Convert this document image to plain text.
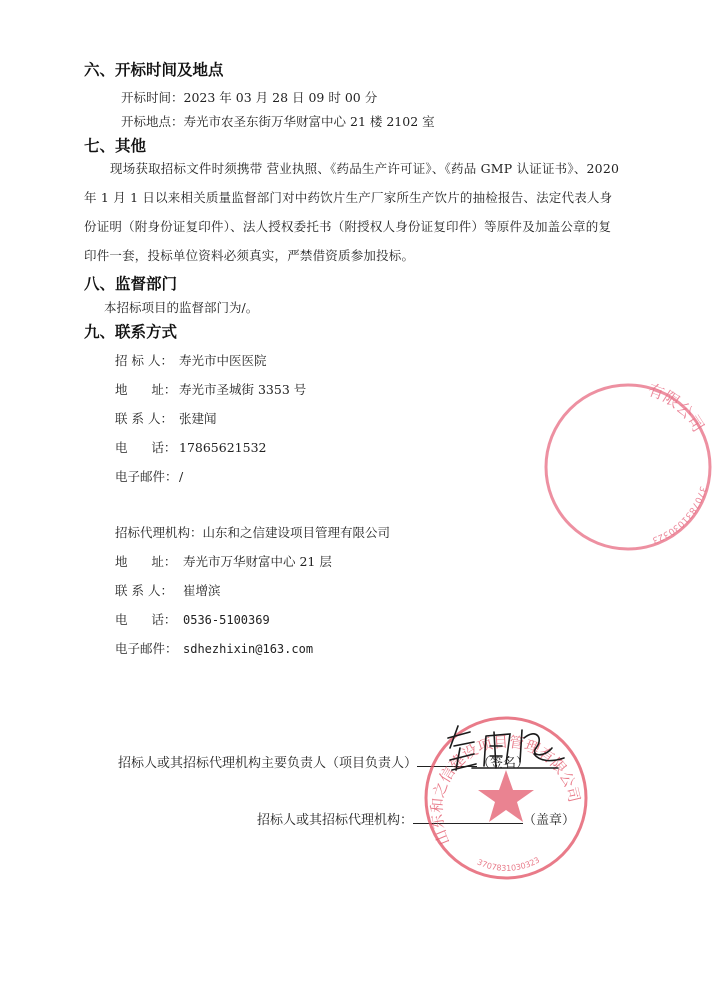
六、开标时间及地点
开标时间：2023 年 03 月 28 日 09 时 00 分
开标地点：寿光市农圣东街万华财富中心 21 楼 2102 室
七、其他
现场获取招标文件时须携带 营业执照、《药品生产许可证》、《药品 GMP 认证证书》、2020 年 1 月 1 日以来相关质量监督部门对中药饮片生产厂家所生产饮片的抽检报告、法定代表人身份证明（附身份证复印件）、法人授权委托书（附授权人身份证复印件）等原件及加盖公章的复印件一套，投标单位资料必须真实，严禁借资质参加投标。
八、监督部门
本招标项目的监督部门为/。
九、联系方式
招 标 人： 寿光市中医医院
地      址： 寿光市圣城街 3353 号
联 系 人： 张建闻
电      话： 17865621532
电子邮件：/
招标代理机构：山东和之信建设项目管理有限公司
地      址： 寿光市万华财富中心 21 层
联 系 人： 崔增滨
电      话： 0536-5100369
电子邮件： sdhezhixin@163.com
招标人或其招标代理机构主要负责人（项目负责人）	（签名）
招标人或其招标代理机构：	（盖章）
有限公司
3707831030323
山东和之信建设项目管理有限公司
3707831030323
